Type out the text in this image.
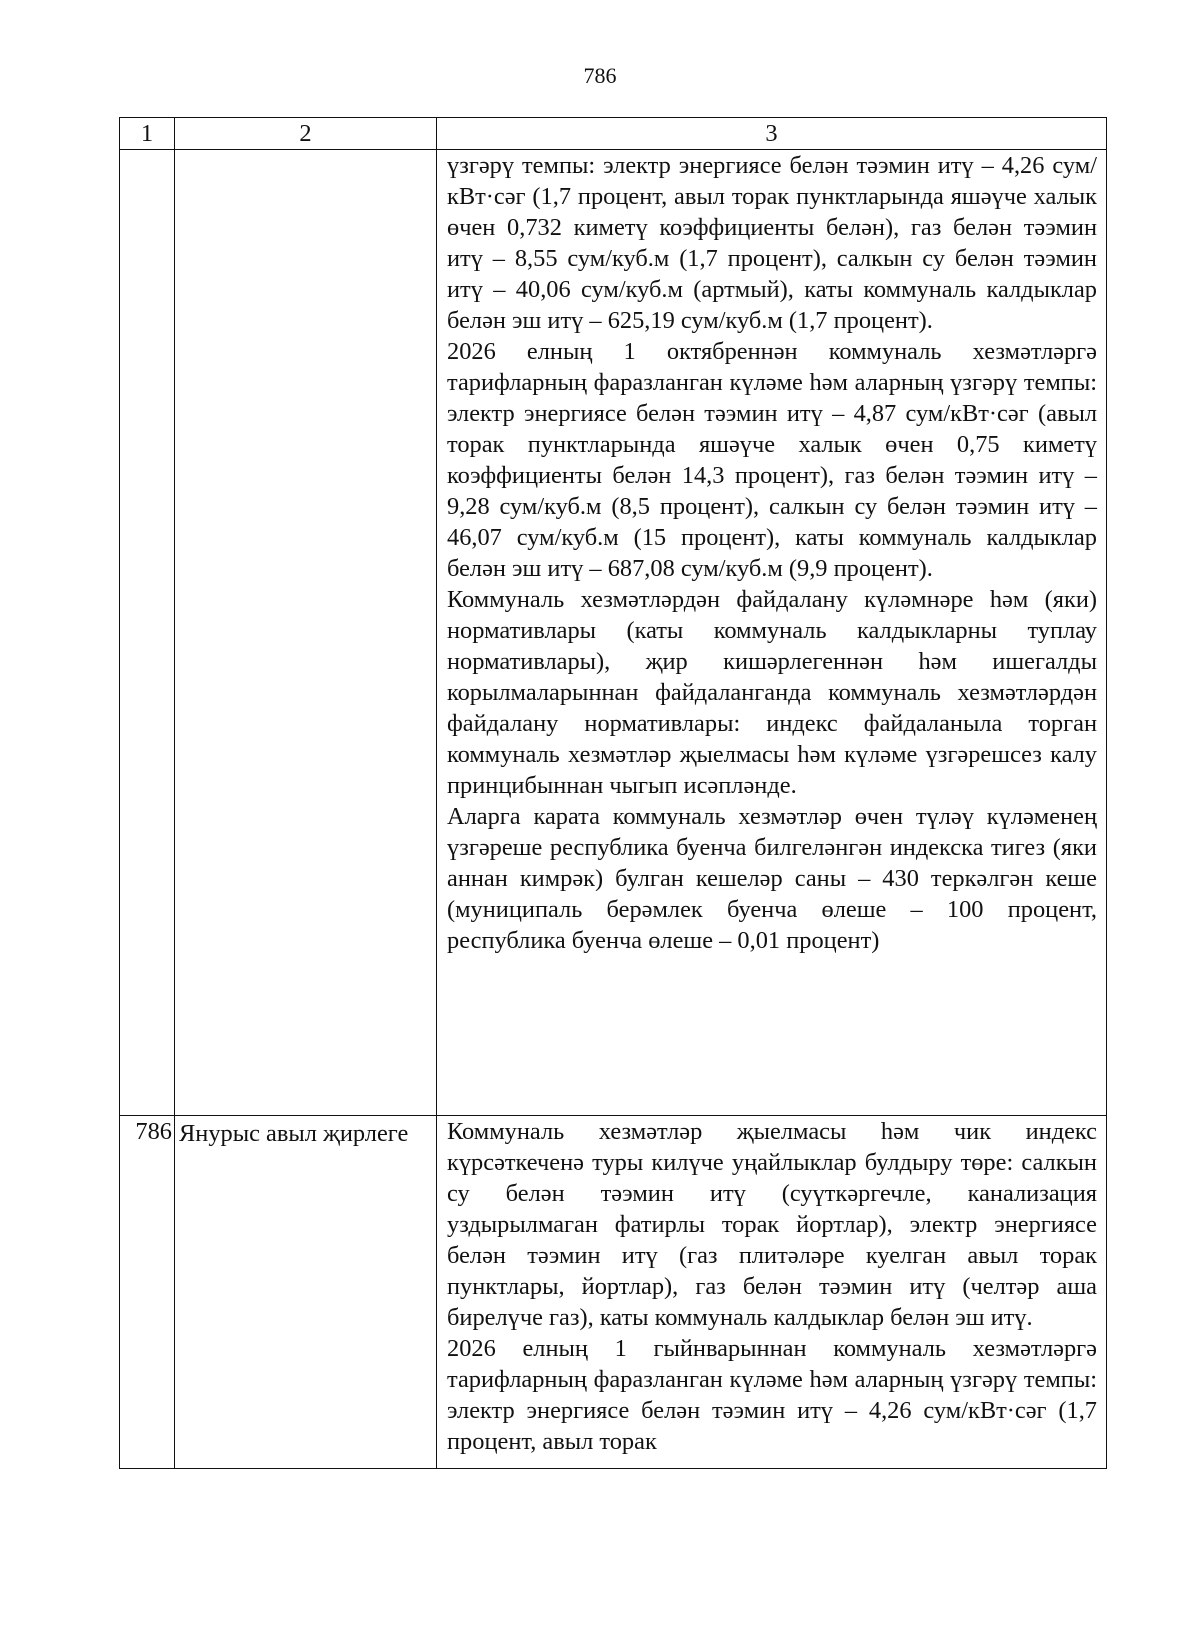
786
1	2	3

		үзгәрү темпы: электр энергиясе белән тәэмин итү – 4,26 сум/кВт·сәг (1,7 процент, авыл торак пунктларында яшәүче халык өчен 0,732 киметү коэффициенты белән), газ белән тәэмин итү – 8,55 сум/куб.м (1,7 процент), салкын су белән тәэмин итү – 40,06 сум/куб.м (артмый), каты коммуналь калдыклар белән эш итү – 625,19 сум/куб.м (1,7 процент).

2026 елның 1 октябреннән коммуналь хезмәтләргә тарифларның фаразланган күләме һәм аларның үзгәрү темпы: электр энергиясе белән тәэмин итү – 4,87 сум/кВт·сәг (авыл торак пунктларында яшәүче халык өчен 0,75 киметү коэффициенты белән 14,3 процент), газ белән тәэмин итү – 9,28 сум/куб.м (8,5 процент), салкын су белән тәэмин итү – 46,07 сум/куб.м (15 процент), каты коммуналь калдыклар белән эш итү – 687,08 сум/куб.м (9,9 процент).

Коммуналь хезмәтләрдән файдалану күләмнәре һәм (яки) нормативлары (каты коммуналь калдыкларны туплау нормативлары), җир кишәрлегеннән һәм ишегалды корылмаларыннан файдаланганда коммуналь хезмәтләрдән файдалану нормативлары: индекс файдаланыла торган коммуналь хезмәтләр җыелмасы һәм күләме үзгәрешсез калу принцибыннан чыгып исәпләнде.

Аларга карата коммуналь хезмәтләр өчен түләү күләменең үзгәреше республика буенча билгеләнгән индекска тигез (яки аннан кимрәк) булган кешеләр саны – 430 теркәлгән кеше (муниципаль берәмлек буенча өлеше – 100 процент, республика буенча өлеше – 0,01 процент)

786	Янурыс авыл җирлеге	Коммуналь хезмәтләр җыелмасы һәм чик индекс күрсәткеченә туры килүче уңайлыклар булдыру төре: салкын су белән тәэмин итү (суүткәргечле, канализация уздырылмаган фатирлы торак йортлар), электр энергиясе белән тәэмин итү (газ плитәләре куелган авыл торак пунктлары, йортлар), газ белән тәэмин итү (челтәр аша бирелүче газ), каты коммуналь калдыклар белән эш итү.

2026 елның 1 гыйнварыннан коммуналь хезмәтләргә тарифларның фаразланган күләме һәм аларның үзгәрү темпы: электр энергиясе белән тәэмин итү – 4,26 сум/кВт·сәг (1,7 процент, авыл торак
